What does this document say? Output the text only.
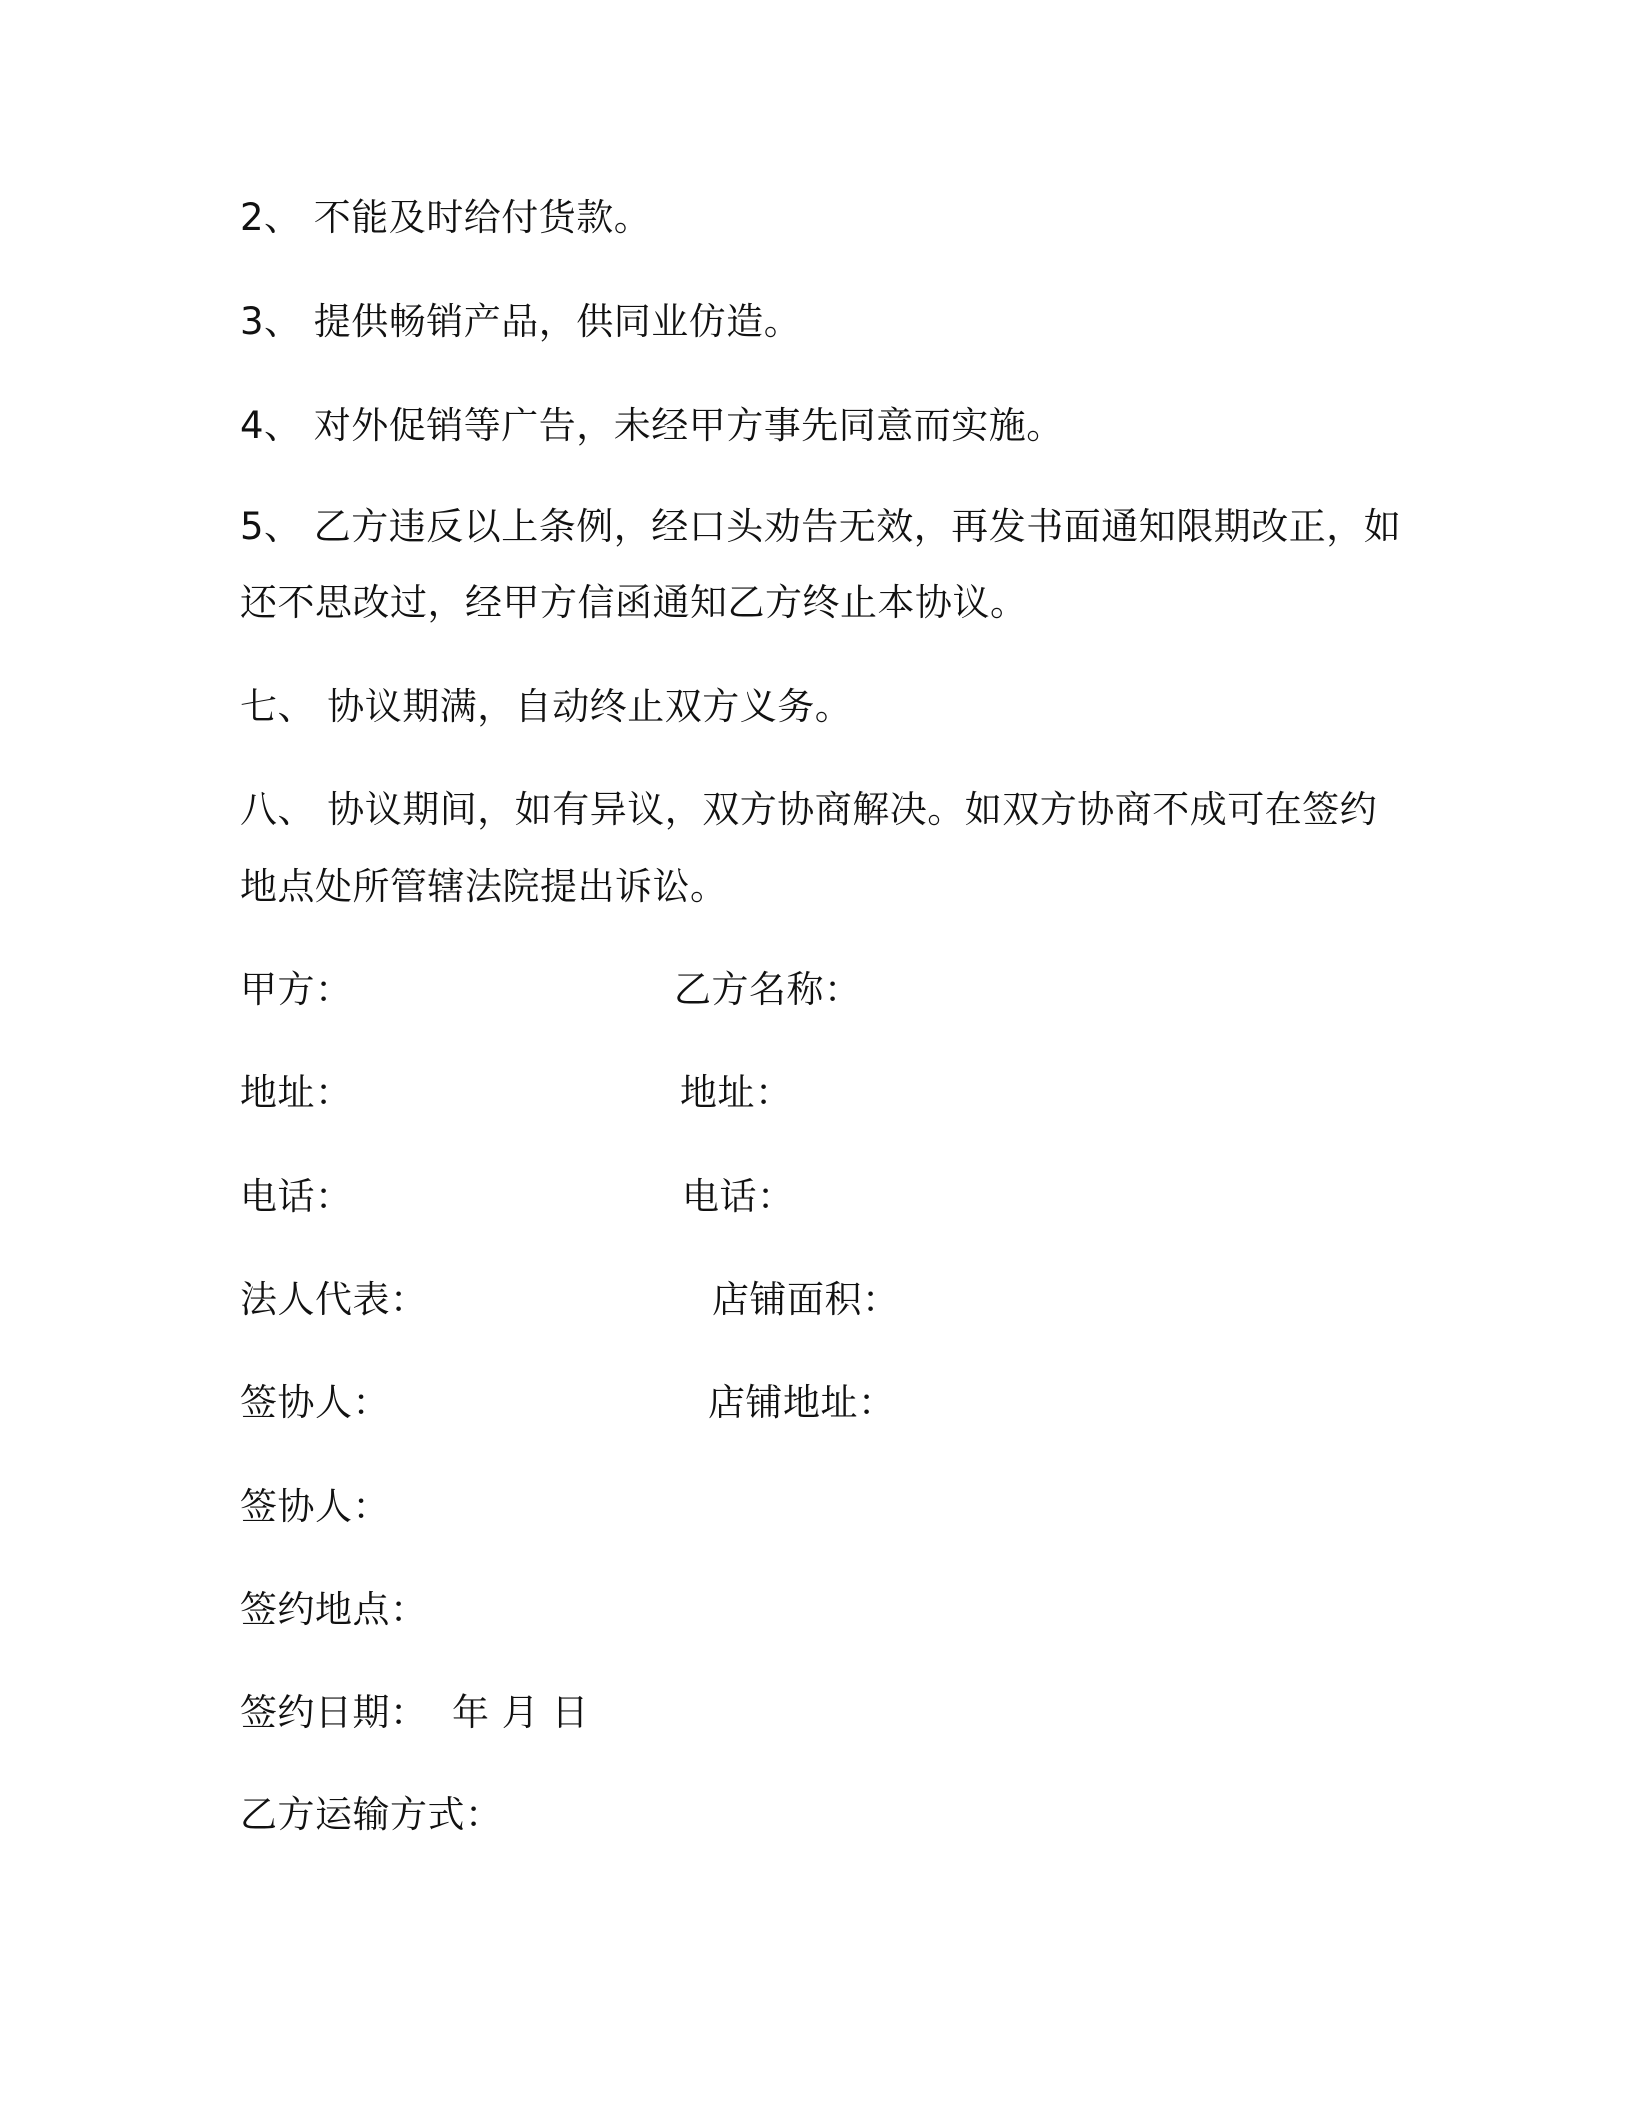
2、 不能及时给付货款。
3、 提供畅销产品，供同业仿造。
4、 对外促销等广告，未经甲方事先同意而实施。
5、 乙方违反以上条例，经口头劝告无效，再发书面通知限期改正，如
还不思改过，经甲方信函通知乙方终止本协议。
七、 协议期满，自动终止双方义务。
八、 协议期间，如有异议，双方协商解决。如双方协商不成可在签约
地点处所管辖法院提出诉讼。
甲方：	乙方名称：
地址：	地址：
电话：	电话：
法人代表：	店铺面积：
签协人：	店铺地址：
签协人：
签约地点：
签约日期：  年 月 日
乙方运输方式：
